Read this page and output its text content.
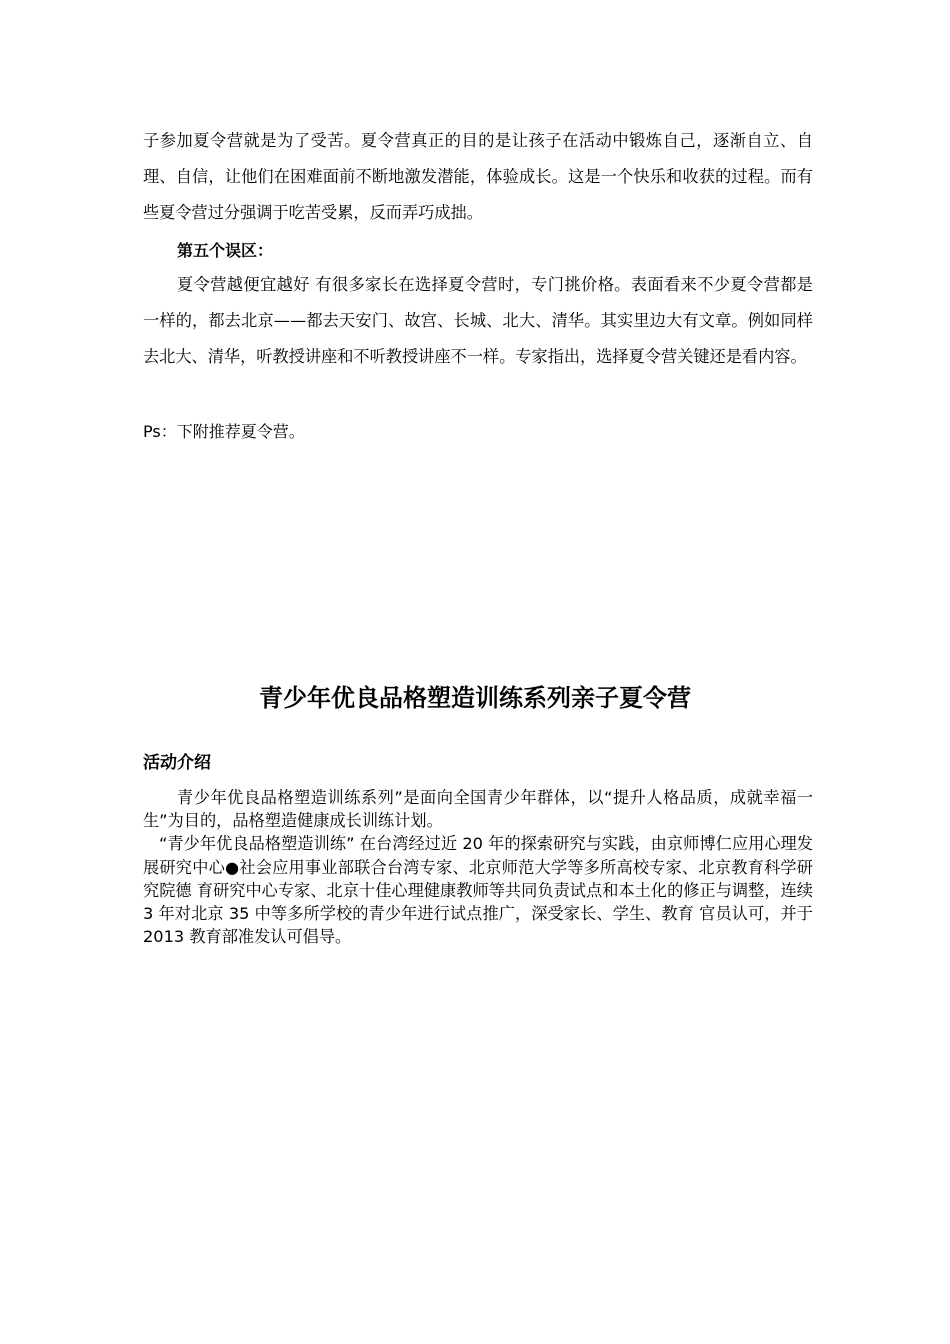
子参加夏令营就是为了受苦。夏令营真正的目的是让孩子在活动中锻炼自己，逐渐自立、自理、自信，让他们在困难面前不断地激发潜能，体验成长。这是一个快乐和收获的过程。而有些夏令营过分强调于吃苦受累，反而弄巧成拙。

第五个误区：

夏令营越便宜越好 有很多家长在选择夏令营时，专门挑价格。表面看来不少夏令营都是一样的，都去北京——都去天安门、故宫、长城、北大、清华。其实里边大有文章。例如同样去北大、清华，听教授讲座和不听教授讲座不一样。专家指出，选择夏令营关键还是看内容。

Ps：下附推荐夏令营。

青少年优良品格塑造训练系列亲子夏令营
活动介绍

青少年优良品格塑造训练系列”是面向全国青少年群体，以“提升人格品质，成就幸福一生”为目的，品格塑造健康成长训练计划。

“青少年优良品格塑造训练” 在台湾经过近 20 年的探索研究与实践，由京师博仁应用心理发展研究中心●社会应用事业部联合台湾专家、北京师范大学等多所高校专家、北京教育科学研究院德 育研究中心专家、北京十佳心理健康教师等共同负责试点和本土化的修正与调整，连续 3 年对北京 35 中等多所学校的青少年进行试点推广，深受家长、学生、教育 官员认可，并于 2013 教育部准发认可倡导。
